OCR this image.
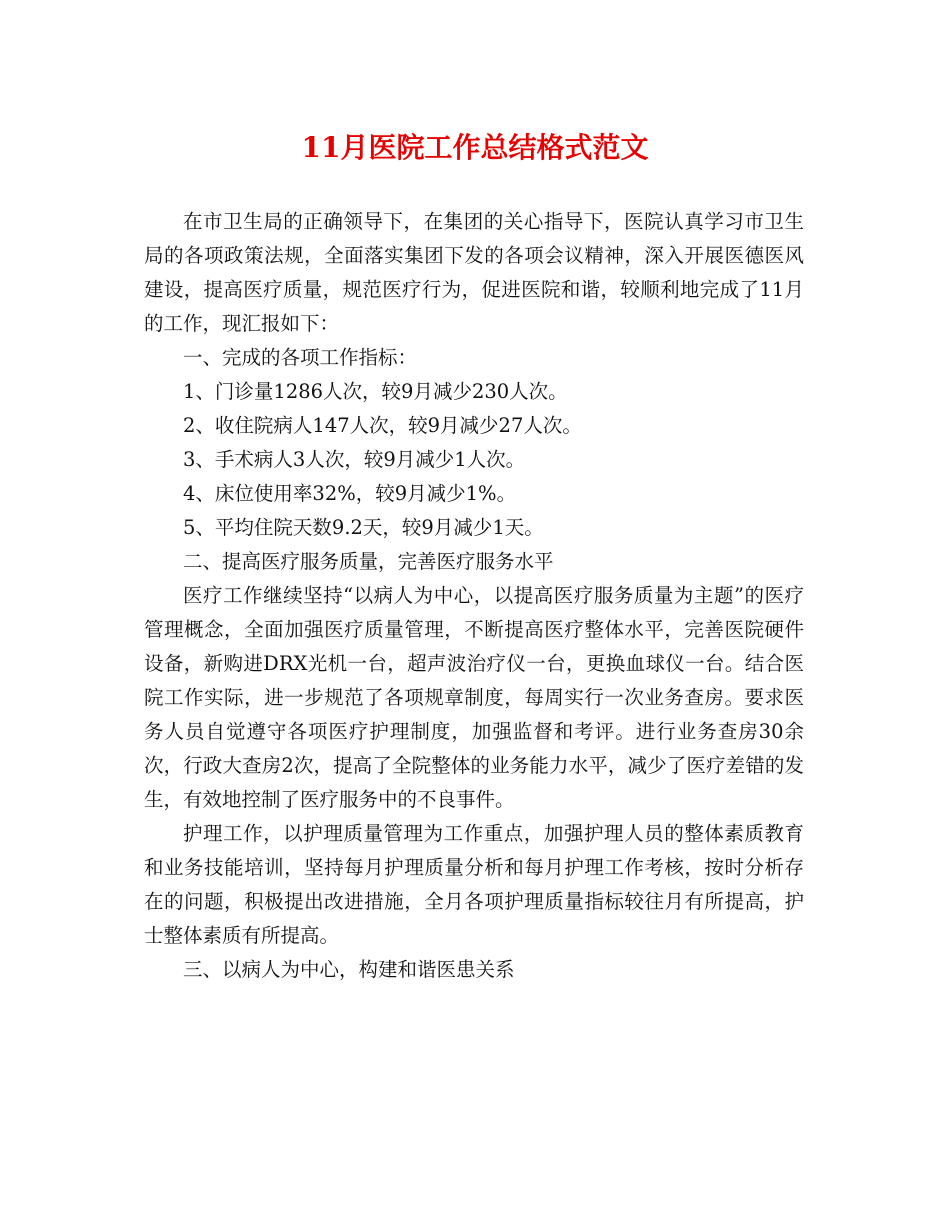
11月医院工作总结格式范文

在市卫生局的正确领导下，在集团的关心指导下，医院认真学习市卫生局的各项政策法规，全面落实集团下发的各项会议精神，深入开展医德医风建设，提高医疗质量，规范医疗行为，促进医院和谐，较顺利地完成了11月的工作，现汇报如下：

一、完成的各项工作指标：

1、门诊量1286人次，较9月减少230人次。

2、收住院病人147人次，较9月减少27人次。

3、手术病人3人次，较9月减少1人次。

4、床位使用率32%，较9月减少1%。

5、平均住院天数9.2天，较9月减少1天。

二、提高医疗服务质量，完善医疗服务水平

医疗工作继续坚持“以病人为中心，以提高医疗服务质量为主题”的医疗管理概念，全面加强医疗质量管理，不断提高医疗整体水平，完善医院硬件设备，新购进DRX光机一台，超声波治疗仪一台，更换血球仪一台。结合医院工作实际，进一步规范了各项规章制度，每周实行一次业务查房。要求医务人员自觉遵守各项医疗护理制度，加强监督和考评。进行业务查房30余次，行政大查房2次，提高了全院整体的业务能力水平，减少了医疗差错的发生，有效地控制了医疗服务中的不良事件。

护理工作，以护理质量管理为工作重点，加强护理人员的整体素质教育和业务技能培训，坚持每月护理质量分析和每月护理工作考核，按时分析存在的问题，积极提出改进措施，全月各项护理质量指标较往月有所提高，护士整体素质有所提高。

三、以病人为中心，构建和谐医患关系
